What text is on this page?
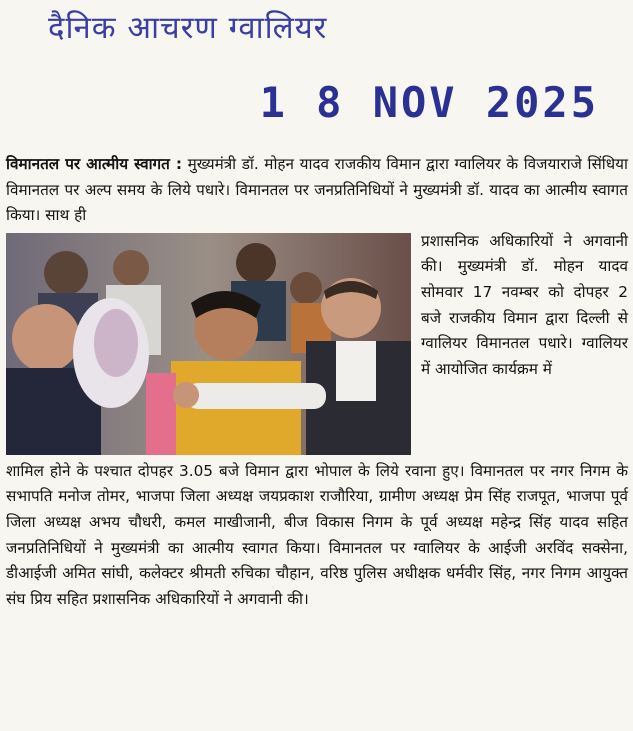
दैनिक आचरण ग्वालियर
1 8 NOV 2025

विमानतल पर आत्मीय स्वागत : मुख्यमंत्री डॉ. मोहन यादव राजकीय विमान द्वारा ग्वालियर के विजयाराजे सिंधिया विमानतल पर अल्प समय के लिये पधारे। विमानतल पर जनप्रतिनिधियों ने मुख्यमंत्री डॉ. यादव का आत्मीय स्वागत किया। साथ ही

प्रशासनिक अधिकारियों ने अगवानी की। मुख्यमंत्री डॉ. मोहन यादव सोमवार 17 नवम्बर को दोपहर 2 बजे राजकीय विमान द्वारा दिल्ली से ग्वालियर विमानतल पधारे। ग्वालियर में आयोजित कार्यक्रम में

शामिल होने के पश्चात दोपहर 3.05 बजे विमान द्वारा भोपाल के लिये रवाना हुए। विमानतल पर नगर निगम के सभापति मनोज तोमर, भाजपा जिला अध्यक्ष जयप्रकाश राजौरिया, ग्रामीण अध्यक्ष प्रेम सिंह राजपूत, भाजपा पूर्व जिला अध्यक्ष अभय चौधरी, कमल माखीजानी, बीज विकास निगम के पूर्व अध्यक्ष महेन्द्र सिंह यादव सहित जनप्रतिनिधियों ने मुख्यमंत्री का आत्मीय स्वागत किया। विमानतल पर ग्वालियर के आईजी अरविंद सक्सेना, डीआईजी अमित सांघी, कलेक्टर श्रीमती रुचिका चौहान, वरिष्ठ पुलिस अधीक्षक धर्मवीर सिंह, नगर निगम आयुक्त संघ प्रिय सहित प्रशासनिक अधिकारियों ने अगवानी की।
